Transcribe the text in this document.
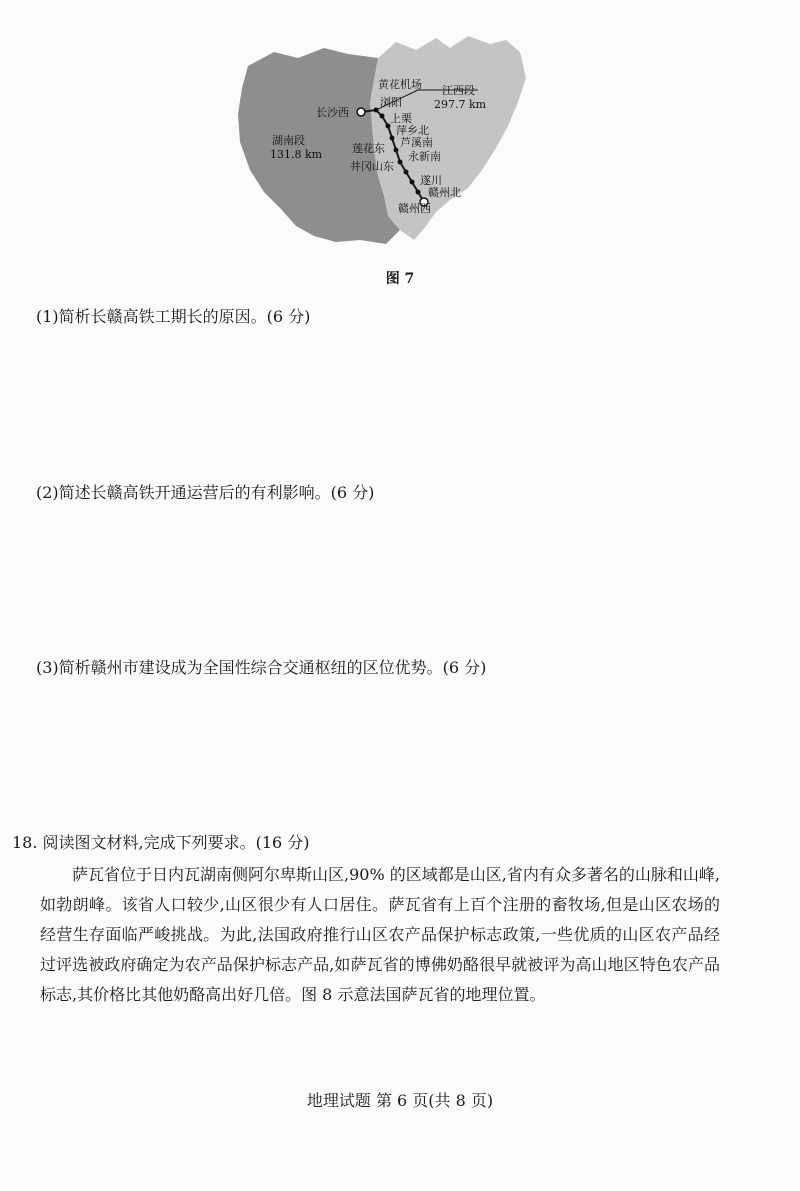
黄花机场 江西段
297.7 km
长沙西
浏阳
上栗
萍乡北
芦溪南
湖南段
131.8 km	莲花东
永新南
井冈山东
遂川
赣州北
赣州西
图 7
(1)简析长赣高铁工期长的原因。(6 分)
(2)简述长赣高铁开通运营后的有利影响。(6 分)
(3)简析赣州市建设成为全国性综合交通枢纽的区位优势。(6 分)
18. 阅读图文材料,完成下列要求。(16 分)
萨瓦省位于日内瓦湖南侧阿尔卑斯山区,90% 的区域都是山区,省内有众多著名的山脉和山峰,如勃朗峰。该省人口较少,山区很少有人口居住。萨瓦省有上百个注册的畜牧场,但是山区农场的经营生存面临严峻挑战。为此,法国政府推行山区农产品保护标志政策,一些优质的山区农产品经过评选被政府确定为农产品保护标志产品,如萨瓦省的博佛奶酪很早就被评为高山地区特色农产品标志,其价格比其他奶酪高出好几倍。图 8 示意法国萨瓦省的地理位置。
地理试题 第 6 页(共 8 页)
